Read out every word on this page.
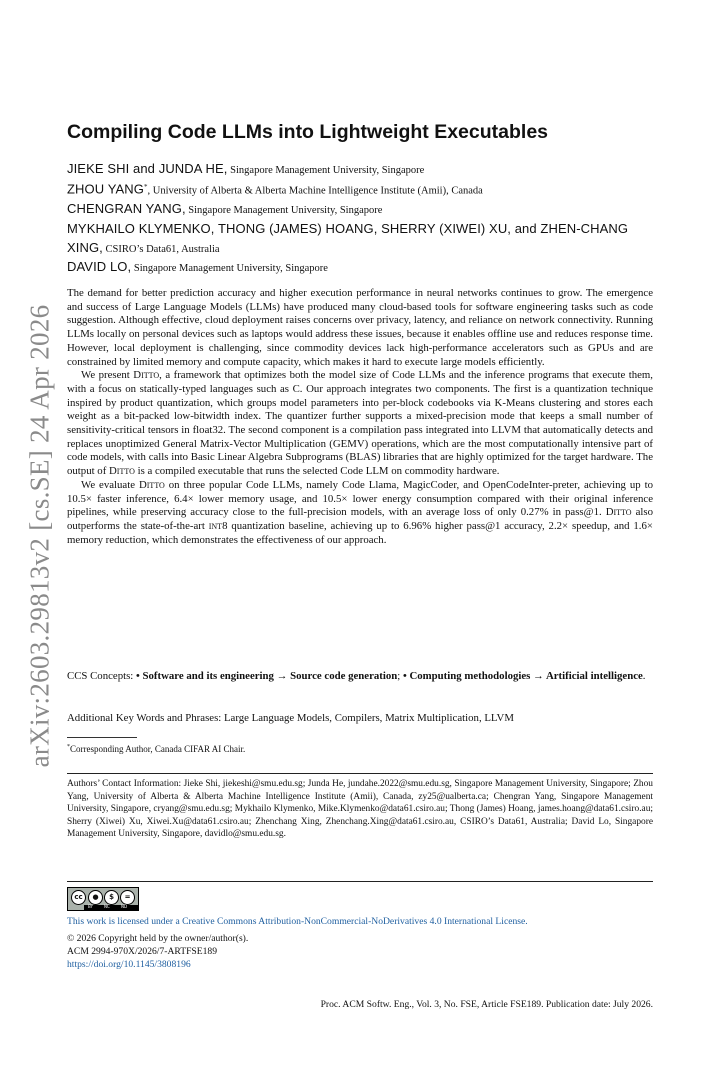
arXiv:2603.29813v2 [cs.SE] 24 Apr 2026
Compiling Code LLMs into Lightweight Executables
JIEKE SHI and JUNDA HE, Singapore Management University, Singapore
ZHOU YANG*, University of Alberta & Alberta Machine Intelligence Institute (Amii), Canada
CHENGRAN YANG, Singapore Management University, Singapore
MYKHAILO KLYMENKO, THONG (JAMES) HOANG, SHERRY (XIWEI) XU, and ZHEN-CHANG XING, CSIRO’s Data61, Australia
DAVID LO, Singapore Management University, Singapore

The demand for better prediction accuracy and higher execution performance in neural networks continues to grow. The emergence and success of Large Language Models (LLMs) have produced many cloud-based tools for software engineering tasks such as code suggestion. Although effective, cloud deployment raises concerns over privacy, latency, and reliance on network connectivity. Running LLMs locally on personal devices such as laptops would address these issues, because it enables offline use and reduces response time. However, local deployment is challenging, since commodity devices lack high-performance accelerators such as GPUs and are constrained by limited memory and compute capacity, which makes it hard to execute large models efficiently.

We present Ditto, a framework that optimizes both the model size of Code LLMs and the inference programs that execute them, with a focus on statically-typed languages such as C. Our approach integrates two components. The first is a quantization technique inspired by product quantization, which groups model parameters into per-block codebooks via K-Means clustering and stores each weight as a bit-packed low-bitwidth index. The quantizer further supports a mixed-precision mode that keeps a small number of sensitivity-critical tensors in float32. The second component is a compilation pass integrated into LLVM that automatically detects and replaces unoptimized General Matrix-Vector Multiplication (GEMV) operations, which are the most computationally intensive part of code models, with calls into Basic Linear Algebra Subprograms (BLAS) libraries that are highly optimized for the target hardware. The output of Ditto is a compiled executable that runs the selected Code LLM on commodity hardware.

We evaluate Ditto on three popular Code LLMs, namely Code Llama, MagicCoder, and OpenCodeInter-preter, achieving up to 10.5× faster inference, 6.4× lower memory usage, and 10.5× lower energy consumption compared with their original inference pipelines, while preserving accuracy close to the full-precision models, with an average loss of only 0.27% in pass@1. Ditto also outperforms the state-of-the-art int8 quantization baseline, achieving up to 6.96% higher pass@1 accuracy, 2.2× speedup, and 1.6× memory reduction, which demonstrates the effectiveness of our approach.

CCS Concepts: • Software and its engineering → Source code generation; • Computing methodologies → Artificial intelligence.
Additional Key Words and Phrases: Large Language Models, Compilers, Matrix Multiplication, LLVM
*Corresponding Author, Canada CIFAR AI Chair.
Authors’ Contact Information: Jieke Shi, jiekeshi@smu.edu.sg; Junda He, jundahe.2022@smu.edu.sg, Singapore Management University, Singapore; Zhou Yang, University of Alberta & Alberta Machine Intelligence Institute (Amii), Canada, zy25@ualberta.ca; Chengran Yang, Singapore Management University, Singapore, cryang@smu.edu.sg; Mykhailo Klymenko, Mike.Klymenko@data61.csiro.au; Thong (James) Hoang, james.hoang@data61.csiro.au; Sherry (Xiwei) Xu, Xiwei.Xu@data61.csiro.au; Zhenchang Xing, Zhenchang.Xing@data61.csiro.au, CSIRO’s Data61, Australia; David Lo, Singapore Management University, Singapore, davidlo@smu.edu.sg.
cc	●	$	=
BY	NC	ND
This work is licensed under a Creative Commons Attribution-NonCommercial-NoDerivatives 4.0 International License.
© 2026 Copyright held by the owner/author(s).
ACM 2994-970X/2026/7-ARTFSE189
https://doi.org/10.1145/3808196
Proc. ACM Softw. Eng., Vol. 3, No. FSE, Article FSE189. Publication date: July 2026.
